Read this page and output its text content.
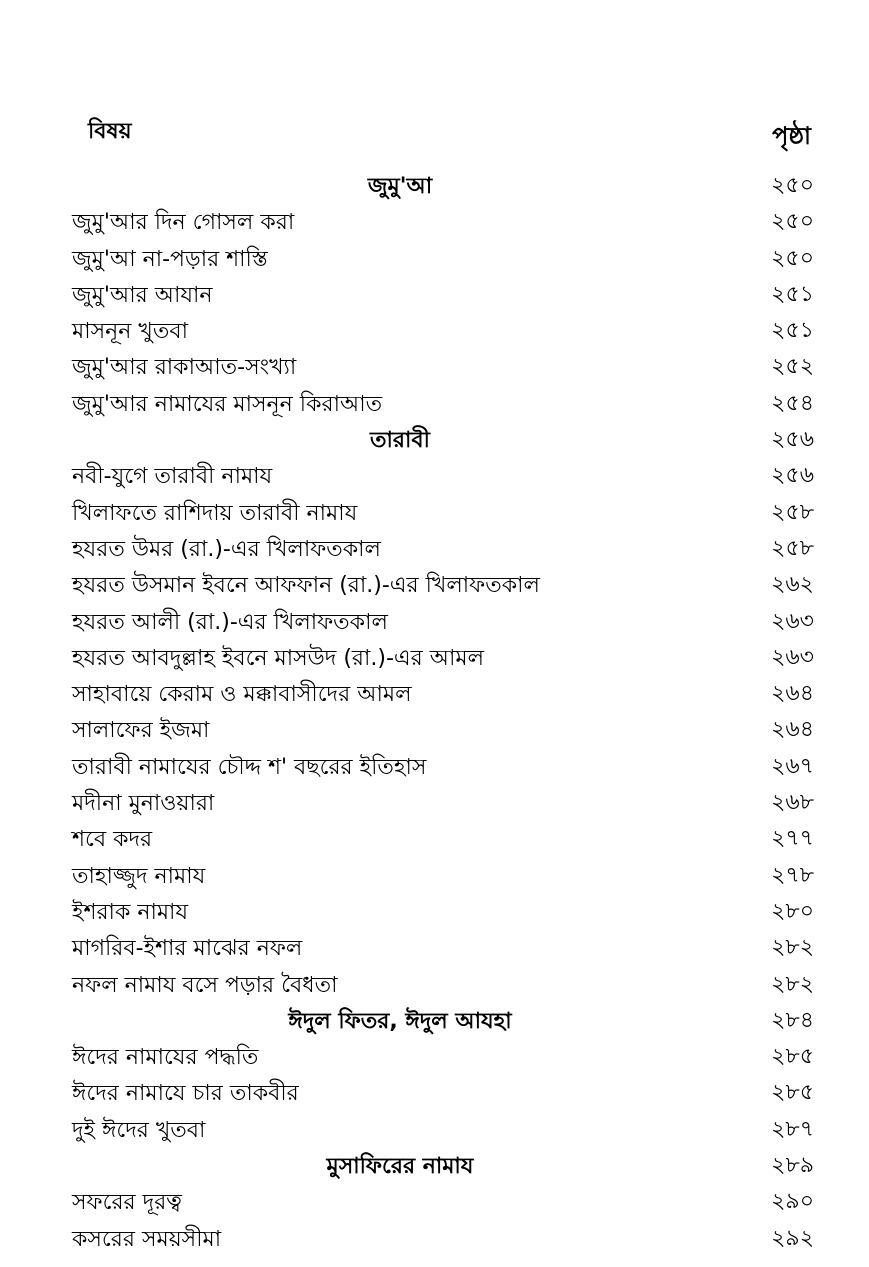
বিষয়	পৃষ্ঠা
জুমু'আ	২৫০
জুমু'আর দিন গোসল করা	২৫০
জুমু'আ না-পড়ার শাস্তি	২৫০
জুমু'আর আযান	২৫১
মাসনূন খুতবা	২৫১
জুমু'আর রাকাআত-সংখ্যা	২৫২
জুমু'আর নামাযের মাসনূন কিরাআত	২৫৪
তারাবী	২৫৬
নবী-যুগে তারাবী নামায	২৫৬
খিলাফতে রাশিদায় তারাবী নামায	২৫৮
হযরত উমর (রা.)-এর খিলাফতকাল	২৫৮
হযরত উসমান ইবনে আফফান (রা.)-এর খিলাফতকাল	২৬২
হযরত আলী (রা.)-এর খিলাফতকাল	২৬৩
হযরত আবদুল্লাহ ইবনে মাসউদ (রা.)-এর আমল	২৬৩
সাহাবায়ে কেরাম ও মক্কাবাসীদের আমল	২৬৪
সালাফের ইজমা	২৬৪
তারাবী নামাযের চৌদ্দ শ' বছরের ইতিহাস	২৬৭
মদীনা মুনাওয়ারা	২৬৮
শবে কদর	২৭৭
তাহাজ্জুদ নামায	২৭৮
ইশরাক নামায	২৮০
মাগরিব-ইশার মাঝের নফল	২৮২
নফল নামায বসে পড়ার বৈধতা	২৮২
ঈদুল ফিতর, ঈদুল আযহা	২৮৪
ঈদের নামাযের পদ্ধতি	২৮৫
ঈদের নামাযে চার তাকবীর	২৮৫
দুই ঈদের খুতবা	২৮৭
মুসাফিরের নামায	২৮৯
সফরের দূরত্ব	২৯০
কসরের সময়সীমা	২৯২
